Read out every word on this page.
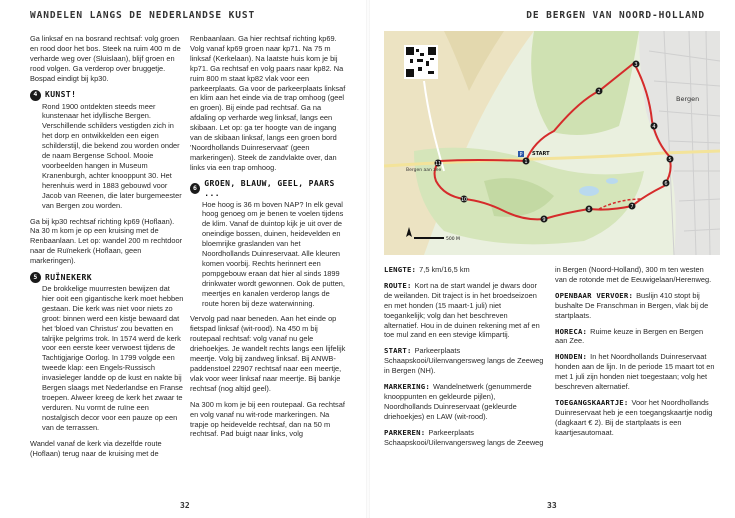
WANDELEN LANGS DE NEDERLANDSE KUST

Ga linksaf en na bosrand rechtsaf: volg groen en rood door het bos. Steek na ruim 400 m de verharde weg over (Sluislaan), blijf groen en rood volgen. Ga verderop over bruggetje. Bospad eindigt bij kp30.

4 KUNST!

Rond 1900 ontdekten steeds meer kunstenaar het idyllische Bergen. Verschillende schilders vestigden zich in het dorp en ontwikkelden een eigen schilderstijl, die bekend zou worden onder de naam Bergense School. Mooie voorbeelden hangen in Museum Kranenburgh, achter knooppunt 30. Het herenhuis werd in 1883 gebouwd voor Jacob van Reenen, die later burgemeester van Bergen zou worden.

Ga bij kp30 rechtsaf richting kp69 (Hoflaan). Na 30 m kom je op een kruising met de Renbaanlaan. Let op: wandel 200 m rechtdoor naar de Ruïnekerk (Hoflaan, geen markeringen).

5 RUÏNEKERK

De brokkelige muurresten bewijzen dat hier ooit een gigantische kerk moet hebben gestaan. Die kerk was niet voor niets zo groot: binnen werd een kistje bewaard dat het 'bloed van Christus' zou bevatten en talrijke pelgrims trok. In 1574 werd de kerk voor een eerste keer verwoest tijdens de Tachtigjarige Oorlog. In 1799 volgde een tweede klap: een Engels-Russisch invasieleger landde op de kust en nakte bij Bergen slaags met Nederlandse en Franse troepen. Alweer kreeg de kerk het zwaar te verduren. Nu vormt de ruïne een nostalgisch decor voor een pauze op een van de terrassen.

Wandel vanaf de kerk via dezelfde route (Hoflaan) terug naar de kruising met de

Renbaanlaan. Ga hier rechtsaf richting kp69. Volg vanaf kp69 groen naar kp71. Na 75 m linksaf (Kerkelaan). Na laatste huis kom je bij kp71. Ga rechtsaf en volg paars naar kp82. Na ruim 800 m staat kp82 vlak voor een parkeerplaats. Ga voor de parkeerplaats linksaf en klim aan het einde via de trap omhoog (geel en groen). Bij einde pad rechtsaf. Ga na afdaling op verharde weg linksaf, langs een skibaan. Let op: ga ter hoogte van de ingang van de skibaan linksaf, langs een groen bord 'Noordhollands Duinreservaat' (geen markeringen). Steek de zandvlakte over, dan links via een trap omhoog.

6 GROEN, BLAUW, GEEL, PAARS ...

Hoe hoog is 36 m boven NAP? In elk geval hoog genoeg om je benen te voelen tijdens de klim. Vanaf de duintop kijk je uit over de oneindige bossen, duinen, heidevelden en bloemrijke graslanden van het Noordhollands Duinreservaat. Alle kleuren komen voorbij. Rechts herinnert een pompgebouw eraan dat hier al sinds 1899 drinkwater wordt gewonnen. Ook de putten, meertjes en kanalen verderop langs de route horen bij deze waterwinning.

Vervolg pad naar beneden. Aan het einde op fietspad linksaf (wit-rood). Na 450 m bij routepaal rechtsaf: volg vanaf nu gele driehoekjes. Je wandelt rechts langs een lijfelijk meertje. Volg bij zandweg linksaf. Bij ANWB-paddenstoel 22907 rechtsaf naar een meertje, vlak voor weer linksaf naar meertje. Bij bankje rechtsaf (nog altijd geel).

Na 300 m kom je bij een routepaal. Ga rechtsaf en volg vanaf nu wit-rode markeringen. Na trapje op heidevelde rechtsaf, dan na 50 m rechtsaf. Pad buigt naar links, volg

32
DE BERGEN VAN NOORD-HOLLAND
33
1
2
3
4
5
6
7
8
9
10
11
P
Bergen
Bergen aan zee
START
500 M

LENGTE: 7,5 km/16,5 km

ROUTE: Kort na de start wandel je dwars door de weilanden. Dit traject is in het broedseizoen en met honden (15 maart-1 juli) niet toegankelijk; volg dan het beschreven alternatief. Hou in de duinen rekening met af en toe mul zand en een stevige klimpartij.

START: Parkeerplaats Schaapskooi/Uilenvangersweg langs de Zeeweg in Bergen (NH).

MARKERING: Wandelnetwerk (genummerde knooppunten en gekleurde pijlen), Noordhollands Duinreservaat (gekleurde driehoekjes) en LAW (wit-rood).

PARKEREN: Parkeerplaats Schaapskooi/Uilenvangersweg langs de Zeeweg

in Bergen (Noord-Holland), 300 m ten westen van de rotonde met de Eeuwigelaan/Herenweg.

OPENBAAR VERVOER: Buslijn 410 stopt bij bushalte De Franschman in Bergen, vlak bij de startplaats.

HORECA: Ruime keuze in Bergen en Bergen aan Zee.

HONDEN: In het Noordhollands Duinreservaat honden aan de lijn. In de periode 15 maart tot en met 1 juli zijn honden niet toegestaan; volg het beschreven alternatief.

TOEGANGSKAARTJE: Voor het Noordhollands Duinreservaat heb je een toegangskaartje nodig (dagkaart € 2). Bij de startplaats is een kaartjesautomaat.
